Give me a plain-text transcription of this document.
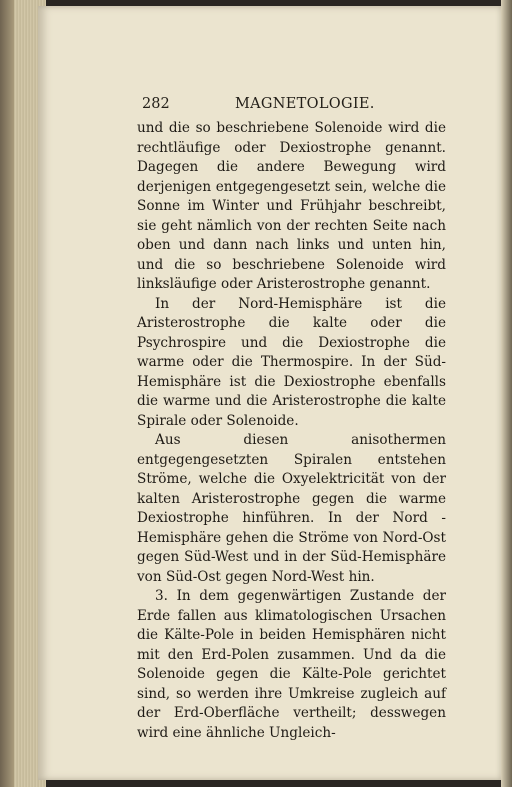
282	MAGNETOLOGIE.

und die so beschriebene Solenoide wird die rechtläufige oder Dexiostrophe genannt. Dagegen die andere Bewegung wird derjenigen entgegengesetzt sein, welche die Sonne im Winter und Frühjahr beschreibt, sie geht nämlich von der rechten Seite nach oben und dann nach links und unten hin, und die so beschriebene Solenoide wird linksläufige oder Aristerostrophe genannt.

In der Nord-Hemisphäre ist die Aristerostrophe die kalte oder die Psychrospire und die Dexiostrophe die warme oder die Thermospire. In der Süd-Hemisphäre ist die Dexiostrophe ebenfalls die warme und die Aristerostrophe die kalte Spirale oder Solenoide.

Aus diesen anisothermen entgegengesetzten Spiralen entstehen Ströme, welche die Oxyelektricität von der kalten Aristerostrophe gegen die warme Dexiostrophe hinführen. In der Nord - Hemisphäre gehen die Ströme von Nord-Ost gegen Süd-West und in der Süd-Hemisphäre von Süd-Ost gegen Nord-West hin.

3. In dem gegenwärtigen Zustande der Erde fallen aus klimatologischen Ursachen die Kälte-Pole in beiden Hemisphären nicht mit den Erd-Polen zusammen. Und da die Solenoide gegen die Kälte-Pole gerichtet sind, so werden ihre Umkreise zugleich auf der Erd-Oberfläche vertheilt; desswegen wird eine ähnliche Ungleich-
